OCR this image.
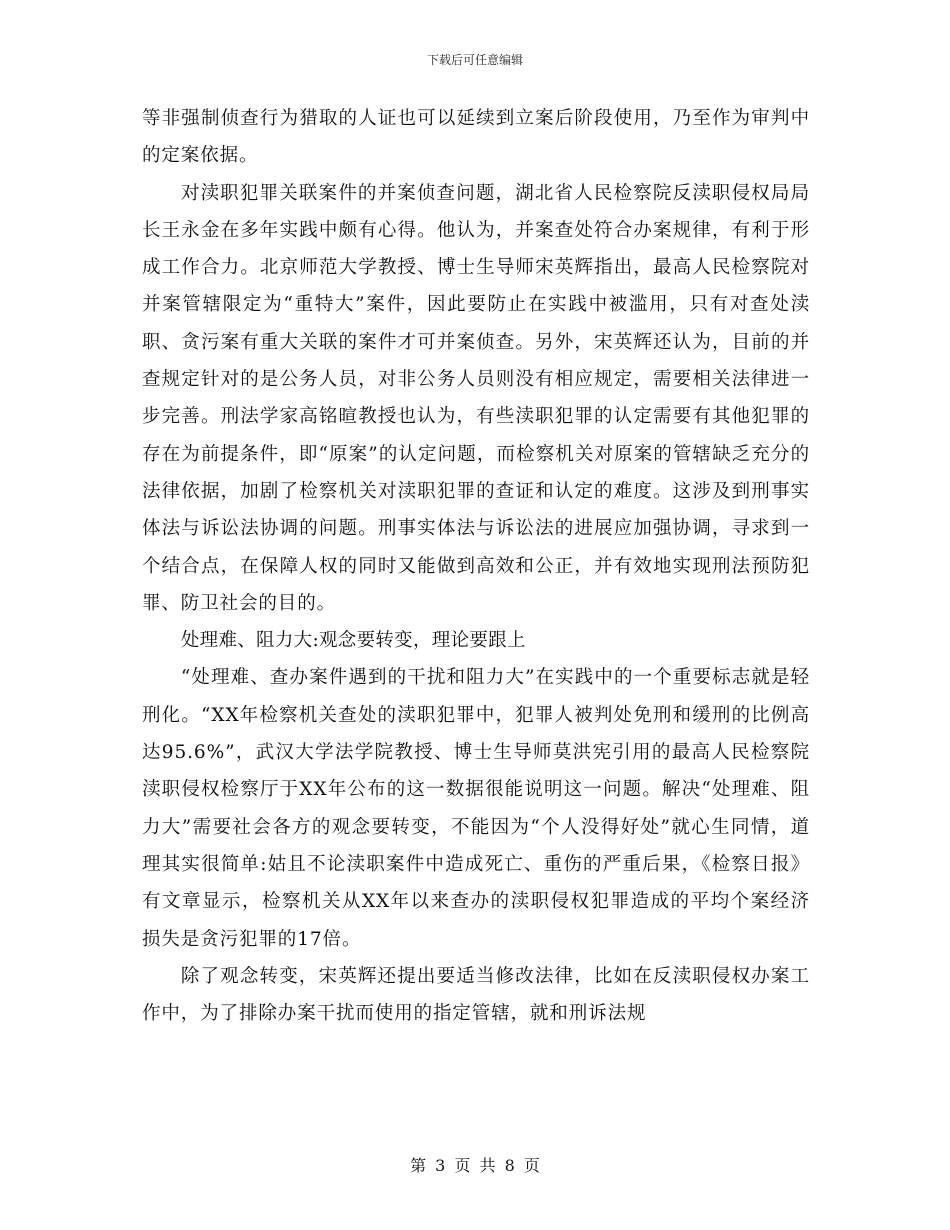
下载后可任意编辑

等非强制侦查行为猎取的人证也可以延续到立案后阶段使用，乃至作为审判中的定案依据。

对渎职犯罪关联案件的并案侦查问题，湖北省人民检察院反渎职侵权局局长王永金在多年实践中颇有心得。他认为，并案查处符合办案规律，有利于形成工作合力。北京师范大学教授、博士生导师宋英辉指出，最高人民检察院对并案管辖限定为“重特大”案件，因此要防止在实践中被滥用，只有对查处渎职、贪污案有重大关联的案件才可并案侦查。另外，宋英辉还认为，目前的并查规定针对的是公务人员，对非公务人员则没有相应规定，需要相关法律进一步完善。刑法学家高铭暄教授也认为，有些渎职犯罪的认定需要有其他犯罪的存在为前提条件，即“原案”的认定问题，而检察机关对原案的管辖缺乏充分的法律依据，加剧了检察机关对渎职犯罪的查证和认定的难度。这涉及到刑事实体法与诉讼法协调的问题。刑事实体法与诉讼法的进展应加强协调，寻求到一个结合点，在保障人权的同时又能做到高效和公正，并有效地实现刑法预防犯罪、防卫社会的目的。

处理难、阻力大:观念要转变，理论要跟上

“处理难、查办案件遇到的干扰和阻力大”在实践中的一个重要标志就是轻刑化。“XX年检察机关查处的渎职犯罪中，犯罪人被判处免刑和缓刑的比例高达95.6%”，武汉大学法学院教授、博士生导师莫洪宪引用的最高人民检察院渎职侵权检察厅于XX年公布的这一数据很能说明这一问题。解决“处理难、阻力大”需要社会各方的观念要转变，不能因为“个人没得好处”就心生同情，道理其实很简单:姑且不论渎职案件中造成死亡、重伤的严重后果，《检察日报》有文章显示，检察机关从XX年以来查办的渎职侵权犯罪造成的平均个案经济损失是贪污犯罪的17倍。

除了观念转变，宋英辉还提出要适当修改法律，比如在反渎职侵权办案工作中，为了排除办案干扰而使用的指定管辖，就和刑诉法规

第 3 页 共 8 页
